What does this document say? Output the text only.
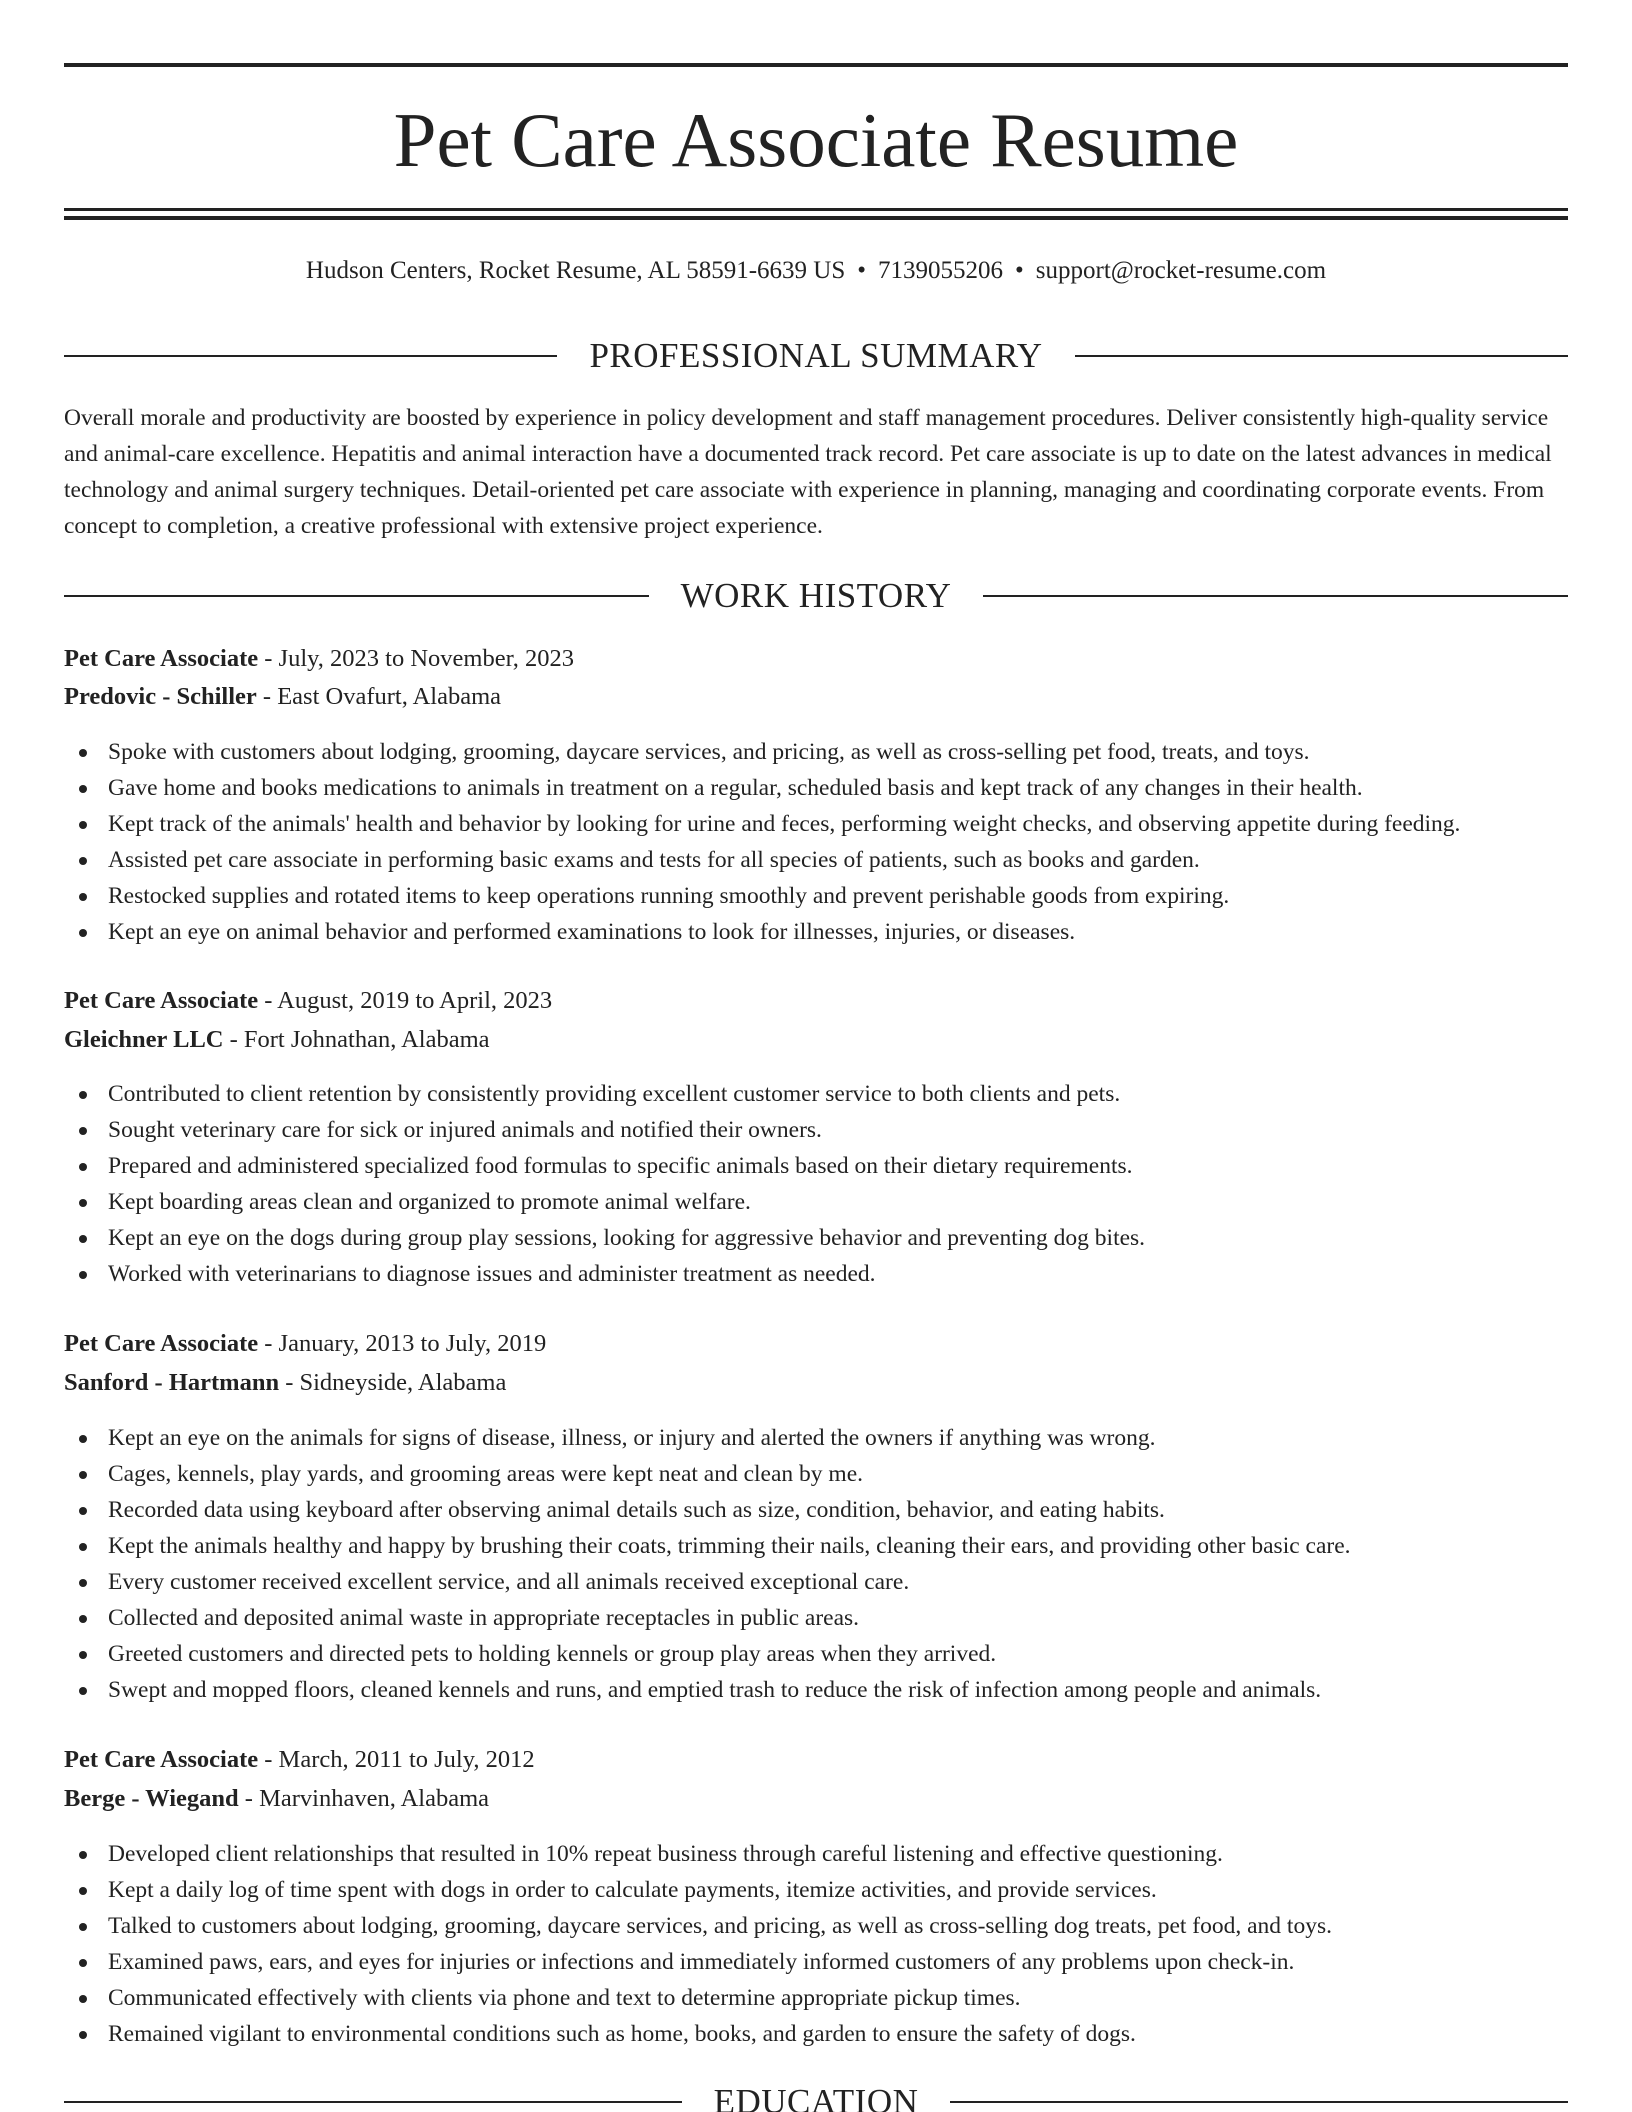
Pet Care Associate Resume
Hudson Centers, Rocket Resume, AL 58591-6639 US • 7139055206 • support@rocket-resume.com
PROFESSIONAL SUMMARY

Overall morale and productivity are boosted by experience in policy development and staff management procedures. Deliver consistently high-quality service and animal-care excellence. Hepatitis and animal interaction have a documented track record. Pet care associate is up to date on the latest advances in medical technology and animal surgery techniques. Detail-oriented pet care associate with experience in planning, managing and coordinating corporate events. From concept to completion, a creative professional with extensive project experience.

WORK HISTORY
Pet Care Associate - July, 2023 to November, 2023
Predovic - Schiller - East Ovafurt, Alabama
Spoke with customers about lodging, grooming, daycare services, and pricing, as well as cross-selling pet food, treats, and toys.
Gave home and books medications to animals in treatment on a regular, scheduled basis and kept track of any changes in their health.
Kept track of the animals' health and behavior by looking for urine and feces, performing weight checks, and observing appetite during feeding.
Assisted pet care associate in performing basic exams and tests for all species of patients, such as books and garden.
Restocked supplies and rotated items to keep operations running smoothly and prevent perishable goods from expiring.
Kept an eye on animal behavior and performed examinations to look for illnesses, injuries, or diseases.
Pet Care Associate - August, 2019 to April, 2023
Gleichner LLC - Fort Johnathan, Alabama
Contributed to client retention by consistently providing excellent customer service to both clients and pets.
Sought veterinary care for sick or injured animals and notified their owners.
Prepared and administered specialized food formulas to specific animals based on their dietary requirements.
Kept boarding areas clean and organized to promote animal welfare.
Kept an eye on the dogs during group play sessions, looking for aggressive behavior and preventing dog bites.
Worked with veterinarians to diagnose issues and administer treatment as needed.
Pet Care Associate - January, 2013 to July, 2019
Sanford - Hartmann - Sidneyside, Alabama
Kept an eye on the animals for signs of disease, illness, or injury and alerted the owners if anything was wrong.
Cages, kennels, play yards, and grooming areas were kept neat and clean by me.
Recorded data using keyboard after observing animal details such as size, condition, behavior, and eating habits.
Kept the animals healthy and happy by brushing their coats, trimming their nails, cleaning their ears, and providing other basic care.
Every customer received excellent service, and all animals received exceptional care.
Collected and deposited animal waste in appropriate receptacles in public areas.
Greeted customers and directed pets to holding kennels or group play areas when they arrived.
Swept and mopped floors, cleaned kennels and runs, and emptied trash to reduce the risk of infection among people and animals.
Pet Care Associate - March, 2011 to July, 2012
Berge - Wiegand - Marvinhaven, Alabama
Developed client relationships that resulted in 10% repeat business through careful listening and effective questioning.
Kept a daily log of time spent with dogs in order to calculate payments, itemize activities, and provide services.
Talked to customers about lodging, grooming, daycare services, and pricing, as well as cross-selling dog treats, pet food, and toys.
Examined paws, ears, and eyes for injuries or infections and immediately informed customers of any problems upon check-in.
Communicated effectively with clients via phone and text to determine appropriate pickup times.
Remained vigilant to environmental conditions such as home, books, and garden to ensure the safety of dogs.
EDUCATION
